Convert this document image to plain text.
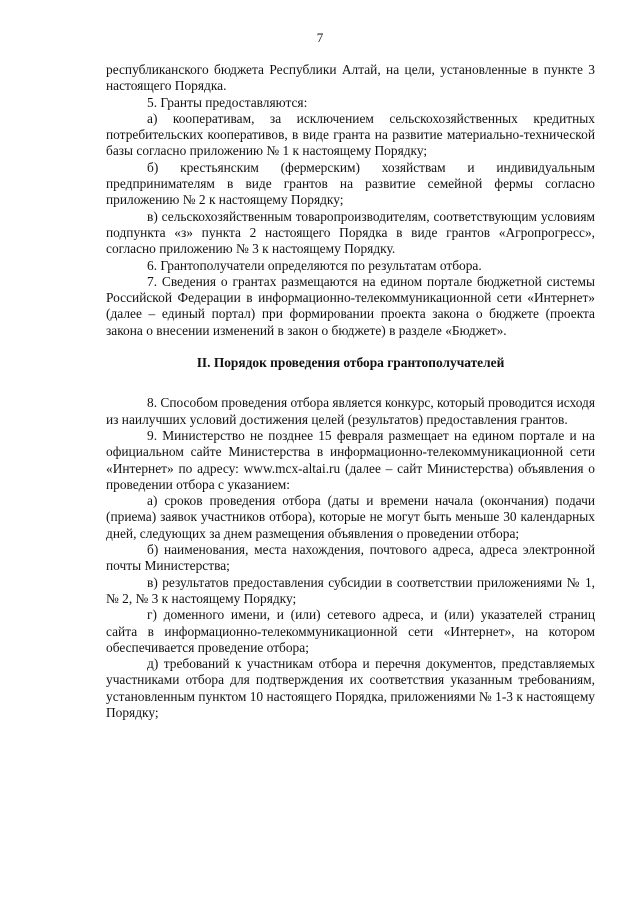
7

республиканского бюджета Республики Алтай, на цели, установленные в пункте 3 настоящего Порядка.

5. Гранты предоставляются:

а) кооперативам, за исключением сельскохозяйственных кредитных потребительских кооперативов, в виде гранта на развитие материально-технической базы согласно приложению № 1 к настоящему Порядку;

б) крестьянским (фермерским) хозяйствам и индивидуальным предпринимателям в виде грантов на развитие семейной фермы согласно приложению № 2 к настоящему Порядку;

в) сельскохозяйственным товаропроизводителям, соответствующим условиям подпункта «з» пункта 2 настоящего Порядка в виде грантов «Агропрогресс», согласно приложению № 3 к настоящему Порядку.

6. Грантополучатели определяются по результатам отбора.

7. Сведения о грантах размещаются на едином портале бюджетной системы Российской Федерации в информационно-телекоммуникационной сети «Интернет» (далее – единый портал) при формировании проекта закона о бюджете (проекта закона о внесении изменений в закон о бюджете) в разделе «Бюджет».

II. Порядок проведения отбора грантополучателей

8. Способом проведения отбора является конкурс, который проводится исходя из наилучших условий достижения целей (результатов) предоставления грантов.

9. Министерство не позднее 15 февраля размещает на едином портале и на официальном сайте Министерства в информационно-телекоммуникационной сети «Интернет» по адресу: www.mcx-altai.ru (далее – сайт Министерства) объявления о проведении отбора с указанием:

а) сроков проведения отбора (даты и времени начала (окончания) подачи (приема) заявок участников отбора), которые не могут быть меньше 30 календарных дней, следующих за днем размещения объявления о проведении отбора;

б) наименования, места нахождения, почтового адреса, адреса электронной почты Министерства;

в) результатов предоставления субсидии в соответствии приложениями № 1, № 2, № 3 к настоящему Порядку;

г) доменного имени, и (или) сетевого адреса, и (или) указателей страниц сайта в информационно-телекоммуникационной сети «Интернет», на котором обеспечивается проведение отбора;

д) требований к участникам отбора и перечня документов, представляемых участниками отбора для подтверждения их соответствия указанным требованиям, установленным пунктом 10 настоящего Порядка, приложениями № 1-3 к настоящему Порядку;
